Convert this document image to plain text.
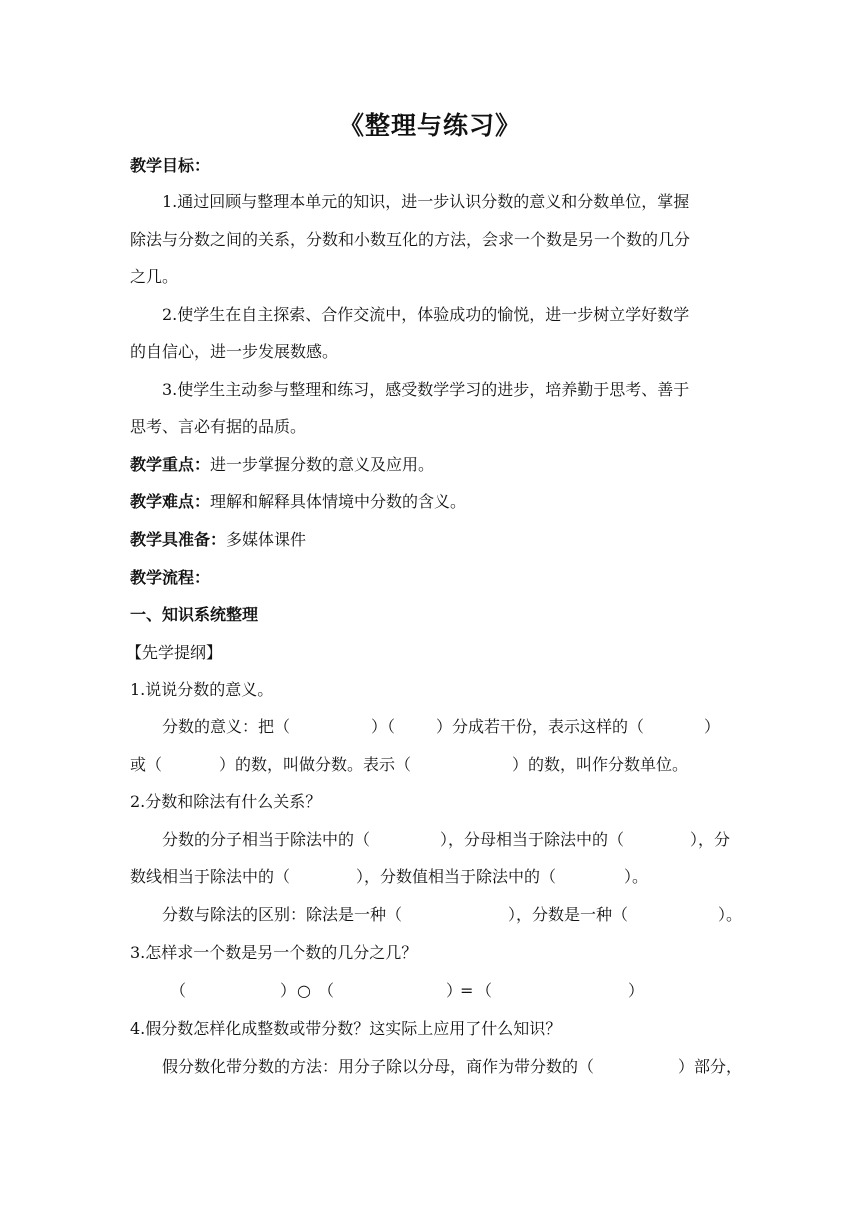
《整理与练习》
教学目标：
1.通过回顾与整理本单元的知识，进一步认识分数的意义和分数单位，掌握
除法与分数之间的关系，分数和小数互化的方法，会求一个数是另一个数的几分
之几。
2.使学生在自主探索、合作交流中，体验成功的愉悦，进一步树立学好数学
的自信心，进一步发展数感。
3.使学生主动参与整理和练习，感受数学学习的进步，培养勤于思考、善于
思考、言必有据的品质。
教学重点：进一步掌握分数的意义及应用。
教学难点：理解和解释具体情境中分数的含义。
教学具准备：多媒体课件
教学流程：
一、知识系统整理
【先学提纲】
1.说说分数的意义。
分数的意义：把（	）（	）分成若干份，表示这样的（	）
或（	）的数，叫做分数。表示（	）的数，叫作分数单位。
2.分数和除法有什么关系？
分数的分子相当于除法中的（	），分母相当于除法中的（	），分
数线相当于除法中的（	），分数值相当于除法中的（	）。
分数与除法的区别：除法是一种（	），分数是一种（	）。
3.怎样求一个数是另一个数的几分之几？
（	） ○ （	）
= （	）
4.假分数怎样化成整数或带分数？这实际上应用了什么知识？
假分数化带分数的方法：用分子除以分母，商作为带分数的（	）部分，
